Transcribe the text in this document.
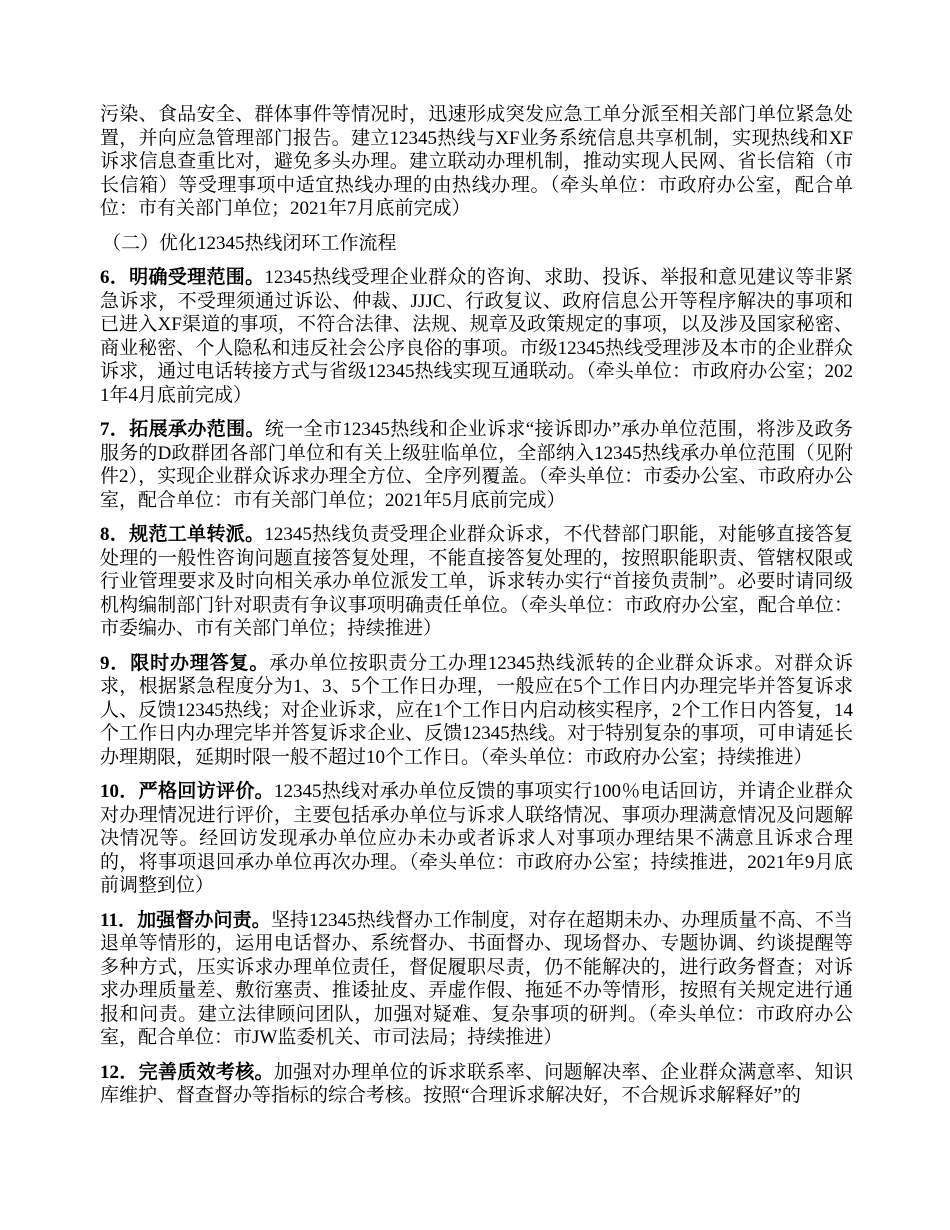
污染、食品安全、群体事件等情况时，迅速形成突发应急工单分派至相关部门单位紧急处置，并向应急管理部门报告。建立12345热线与XF业务系统信息共享机制，实现热线和XF诉求信息查重比对，避免多头办理。建立联动办理机制，推动实现人民网、省长信箱（市长信箱）等受理事项中适宜热线办理的由热线办理。（牵头单位：市政府办公室，配合单位：市有关部门单位；2021年7月底前完成）

（二）优化12345热线闭环工作流程

6．明确受理范围。12345热线受理企业群众的咨询、求助、投诉、举报和意见建议等非紧急诉求，不受理须通过诉讼、仲裁、JJJC、行政复议、政府信息公开等程序解决的事项和已进入XF渠道的事项，不符合法律、法规、规章及政策规定的事项，以及涉及国家秘密、商业秘密、个人隐私和违反社会公序良俗的事项。市级12345热线受理涉及本市的企业群众诉求，通过电话转接方式与省级12345热线实现互通联动。（牵头单位：市政府办公室；2021年4月底前完成）

7．拓展承办范围。统一全市12345热线和企业诉求“接诉即办”承办单位范围，将涉及政务服务的D政群团各部门单位和有关上级驻临单位，全部纳入12345热线承办单位范围（见附件2），实现企业群众诉求办理全方位、全序列覆盖。（牵头单位：市委办公室、市政府办公室，配合单位：市有关部门单位；2021年5月底前完成）

8．规范工单转派。12345热线负责受理企业群众诉求，不代替部门职能，对能够直接答复处理的一般性咨询问题直接答复处理，不能直接答复处理的，按照职能职责、管辖权限或行业管理要求及时向相关承办单位派发工单，诉求转办实行“首接负责制”。必要时请同级机构编制部门针对职责有争议事项明确责任单位。（牵头单位：市政府办公室，配合单位：市委编办、市有关部门单位；持续推进）

9．限时办理答复。承办单位按职责分工办理12345热线派转的企业群众诉求。对群众诉求，根据紧急程度分为1、3、5个工作日办理，一般应在5个工作日内办理完毕并答复诉求人、反馈12345热线；对企业诉求，应在1个工作日内启动核实程序，2个工作日内答复，14个工作日内办理完毕并答复诉求企业、反馈12345热线。对于特别复杂的事项，可申请延长办理期限，延期时限一般不超过10个工作日。（牵头单位：市政府办公室；持续推进）

10．严格回访评价。12345热线对承办单位反馈的事项实行100％电话回访，并请企业群众对办理情况进行评价，主要包括承办单位与诉求人联络情况、事项办理满意情况及问题解决情况等。经回访发现承办单位应办未办或者诉求人对事项办理结果不满意且诉求合理的，将事项退回承办单位再次办理。（牵头单位：市政府办公室；持续推进，2021年9月底前调整到位）

11．加强督办问责。坚持12345热线督办工作制度，对存在超期未办、办理质量不高、不当退单等情形的，运用电话督办、系统督办、书面督办、现场督办、专题协调、约谈提醒等多种方式，压实诉求办理单位责任，督促履职尽责，仍不能解决的，进行政务督查；对诉求办理质量差、敷衍塞责、推诿扯皮、弄虚作假、拖延不办等情形，按照有关规定进行通报和问责。建立法律顾问团队，加强对疑难、复杂事项的研判。（牵头单位：市政府办公室，配合单位：市JW监委机关、市司法局；持续推进）

12．完善质效考核。加强对办理单位的诉求联系率、问题解决率、企业群众满意率、知识库维护、督查督办等指标的综合考核。按照“合理诉求解决好，不合规诉求解释好”的
